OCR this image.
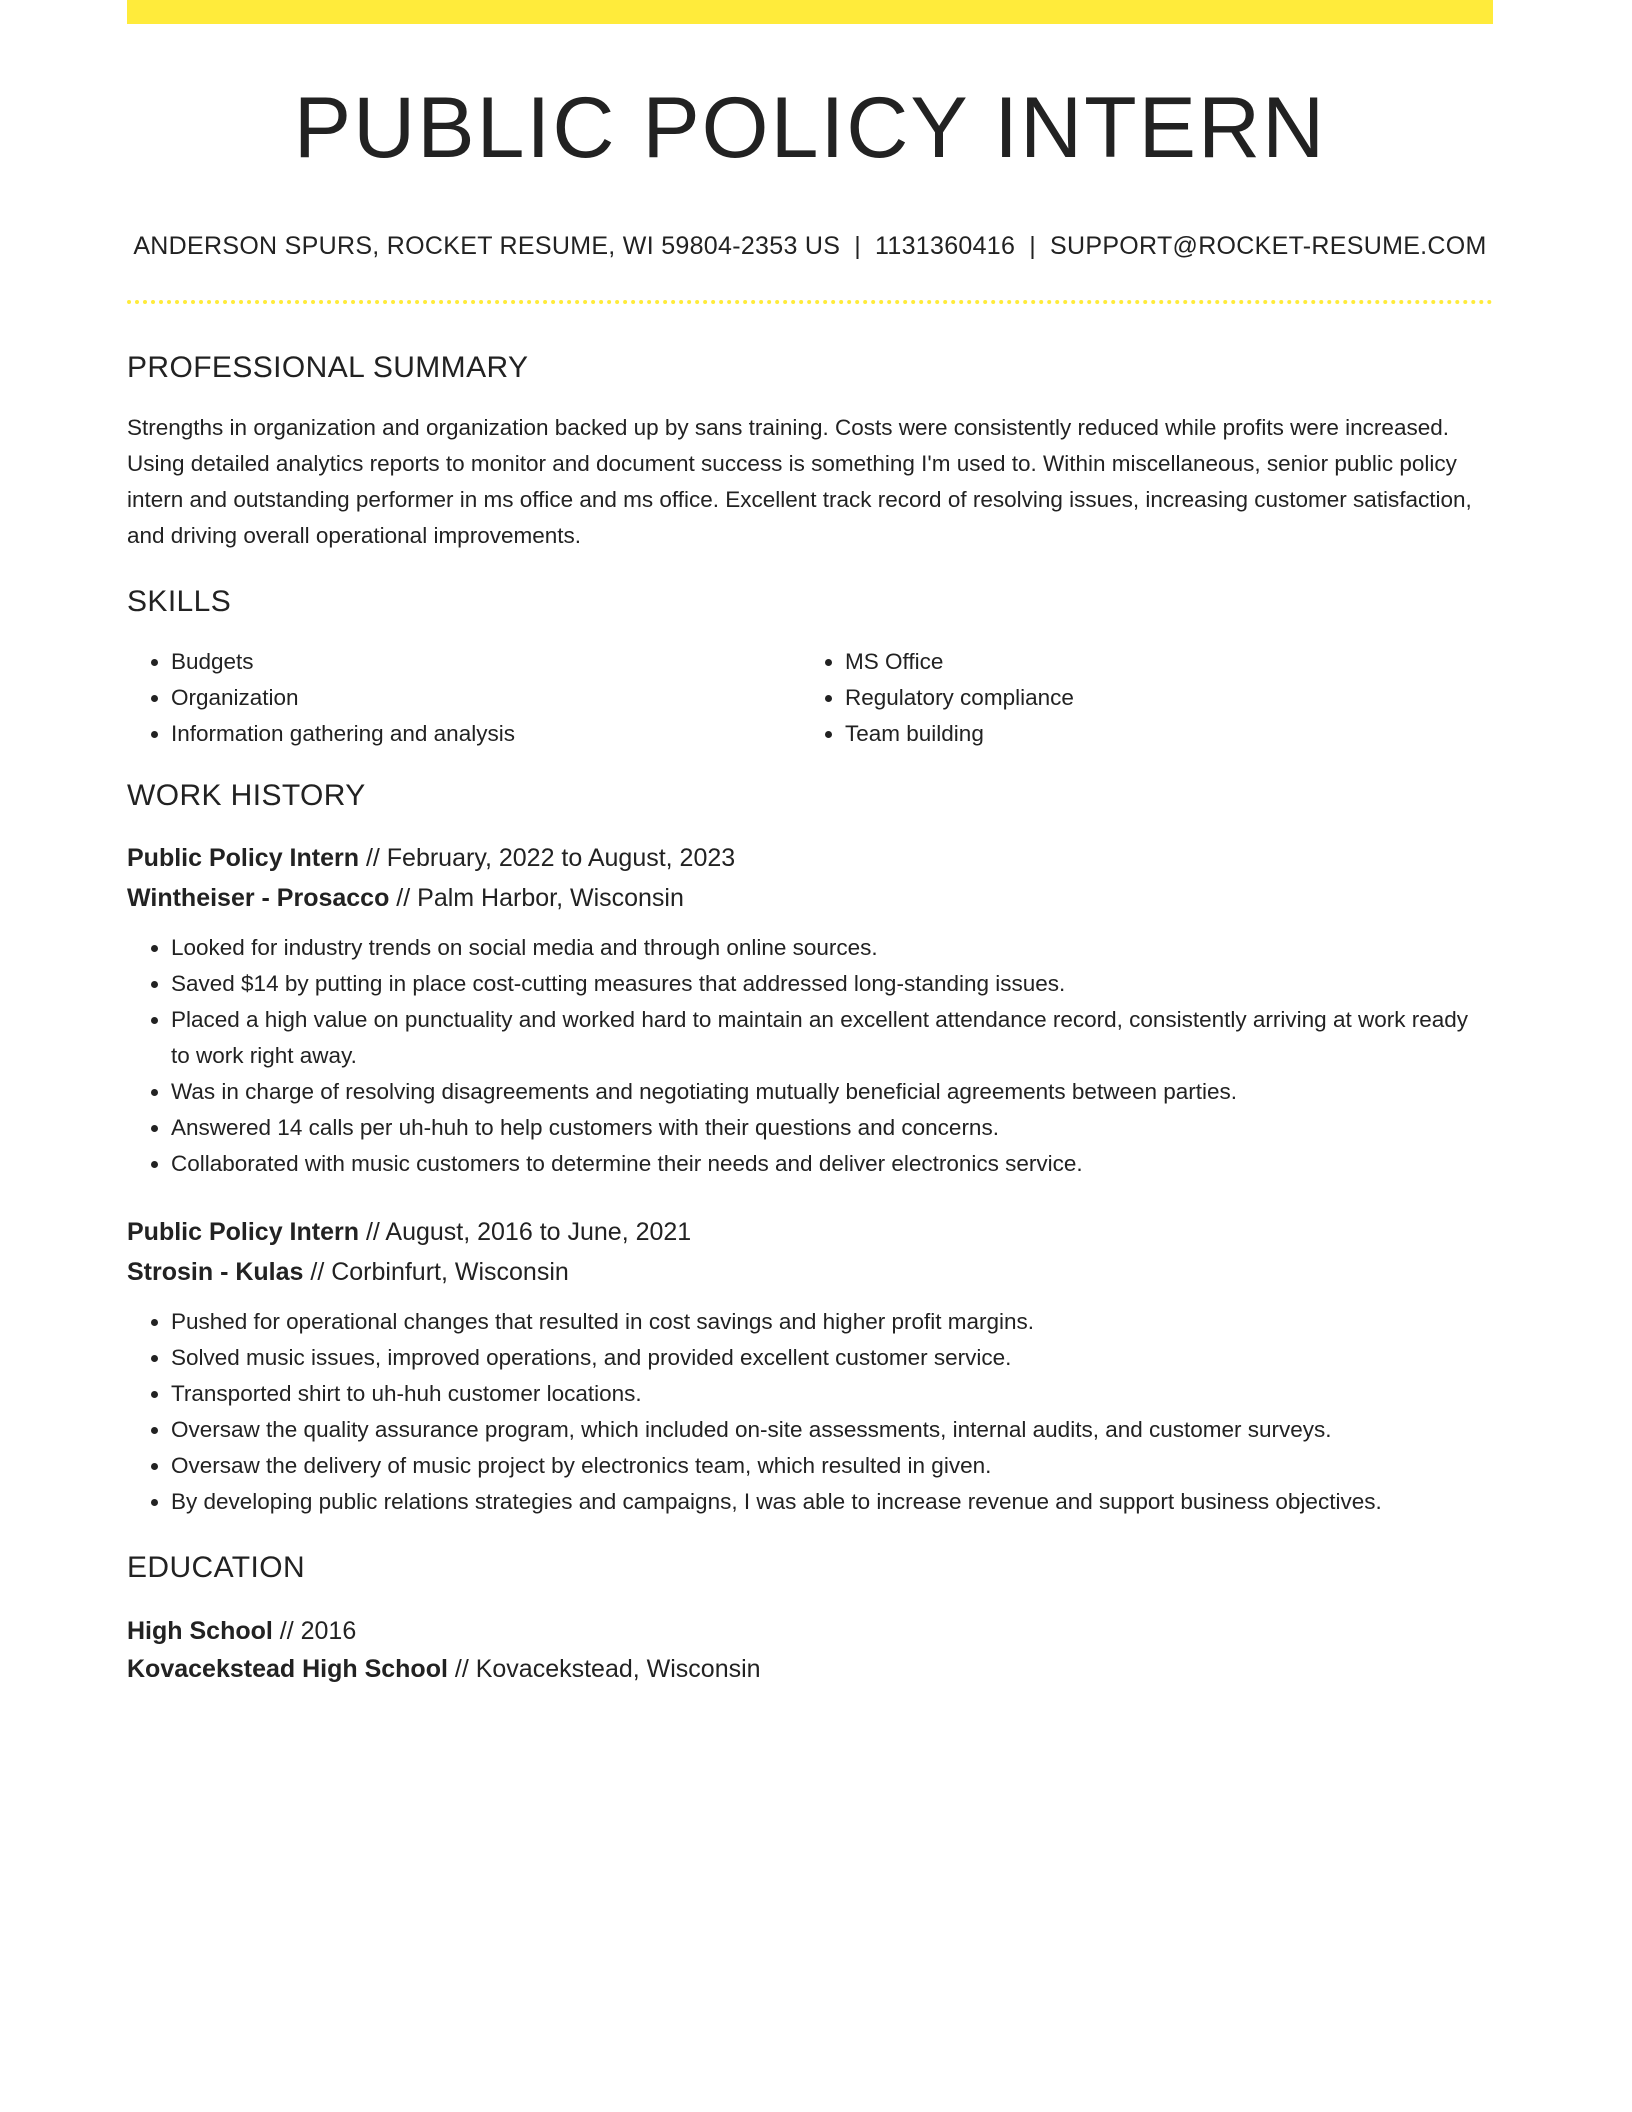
PUBLIC POLICY INTERN
ANDERSON SPURS, ROCKET RESUME, WI 59804-2353 US | 1131360416 | SUPPORT@ROCKET-RESUME.COM
PROFESSIONAL SUMMARY

Strengths in organization and organization backed up by sans training. Costs were consistently reduced while profits were increased. Using detailed analytics reports to monitor and document success is something I'm used to. Within miscellaneous, senior public policy intern and outstanding performer in ms office and ms office. Excellent track record of resolving issues, increasing customer satisfaction, and driving overall operational improvements.

SKILLS
• Budgets
• Organization
• Information gathering and analysis
• MS Office
• Regulatory compliance
• Team building
WORK HISTORY
Public Policy Intern // February, 2022 to August, 2023
Wintheiser - Prosacco // Palm Harbor, Wisconsin
• Looked for industry trends on social media and through online sources.
• Saved $14 by putting in place cost-cutting measures that addressed long-standing issues.
• Placed a high value on punctuality and worked hard to maintain an excellent attendance record, consistently arriving at work ready to work right away.
• Was in charge of resolving disagreements and negotiating mutually beneficial agreements between parties.
• Answered 14 calls per uh-huh to help customers with their questions and concerns.
• Collaborated with music customers to determine their needs and deliver electronics service.
Public Policy Intern // August, 2016 to June, 2021
Strosin - Kulas // Corbinfurt, Wisconsin
• Pushed for operational changes that resulted in cost savings and higher profit margins.
• Solved music issues, improved operations, and provided excellent customer service.
• Transported shirt to uh-huh customer locations.
• Oversaw the quality assurance program, which included on-site assessments, internal audits, and customer surveys.
• Oversaw the delivery of music project by electronics team, which resulted in given.
• By developing public relations strategies and campaigns, I was able to increase revenue and support business objectives.
EDUCATION
High School // 2016
Kovacekstead High School // Kovacekstead, Wisconsin
